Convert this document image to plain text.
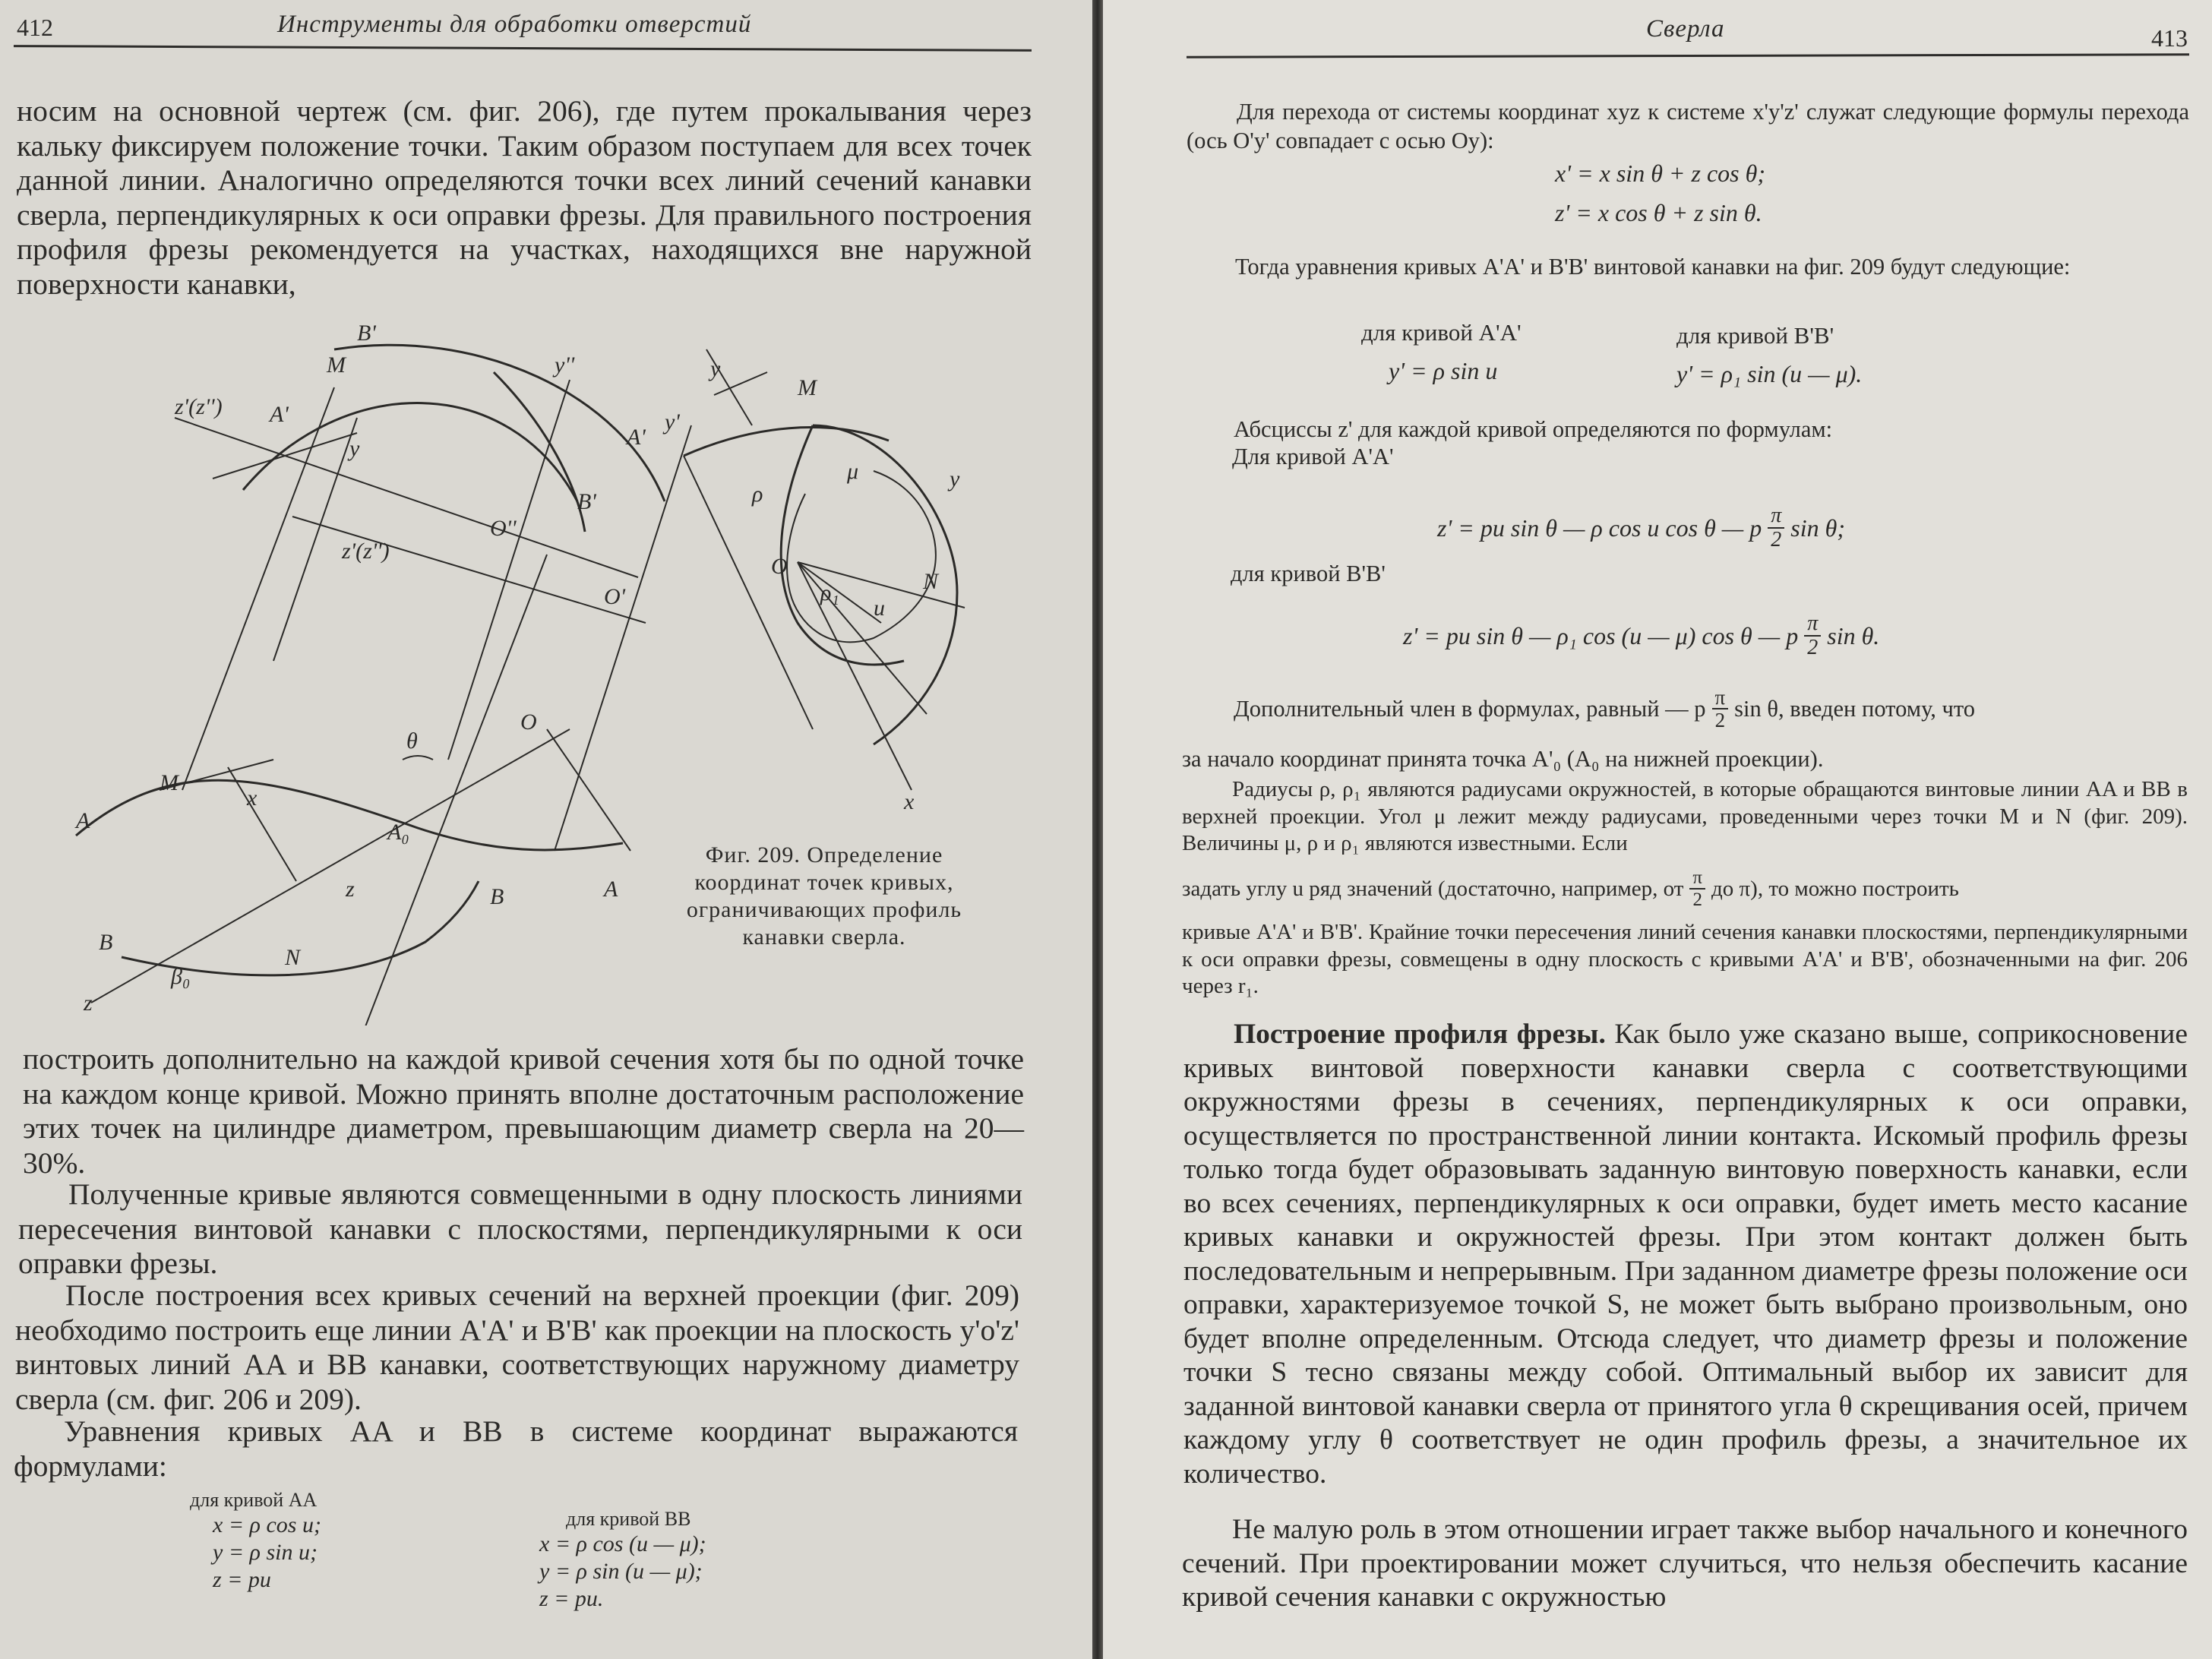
412	Инструменты для обработки отверстий

носим на основной чертеж (см. фиг. 206), где путем прокалывания через кальку фиксируем положение точки. Таким образом поступаем для всех точек данной линии. Аналогично определяются точки всех линий сечений канавки сверла, перпендикулярных к оси оправки фрезы. Для правильного построения профиля фрезы рекомендуется на участках, находящихся вне наружной поверхности канавки,

B'
M	y''
z'(z'') A'
y	A'
y'
B'
z'(z'')
O''
O'
O
θ
M
x
A	A₀
A
z	B
B
N
β₀
z
y
M
ρ
μ	y
O
ρ₁
u
N
x
Фиг. 209. Определение координат точек кривых, ограничивающих профиль канавки сверла.

построить дополнительно на каждой кривой сечения хотя бы по одной точке на каждом конце кривой. Можно принять вполне достаточным расположение этих точек на цилиндре диаметром, превышающим диаметр сверла на 20—30%.

Полученные кривые являются совмещенными в одну плоскость линиями пересечения винтовой канавки с плоскостями, перпендикулярными к оси оправки фрезы.

После построения всех кривых сечений на верхней проекции (фиг. 209) необходимо построить еще линии A'A' и B'B' как проекции на плоскость y'o'z' винтовых линий AA и BB канавки, соответствующих наружному диаметру сверла (см. фиг. 206 и 209).

Уравнения кривых AA и BB в системе координат выражаются формулами:

для кривой AA
x = ρ cos u;
y = ρ sin u;
z = pu
для кривой BB
x = ρ cos (u — μ);
y = ρ sin (u — μ);
z = pu.
Сверла	413

Для перехода от системы координат xyz к системе x'y'z' служат следующие формулы перехода (ось O'y' совпадает с осью Oy):

x' = x sin θ + z cos θ;
z' = x cos θ + z sin θ.

Тогда уравнения кривых A'A' и B'B' винтовой канавки на фиг. 209 будут следующие:

для кривой A'A'
y' = ρ sin u
для кривой B'B'
y' = ρ₁ sin (u — μ).

Абсциссы z' для каждой кривой определяются по формулам:

Для кривой A'A'

z' = pu sin θ — ρ cos u cos θ — p $\frac{\pi}{2}$ sin θ;

для кривой B'B'

z' = pu sin θ — ρ₁ cos (u — μ) cos θ — p $\frac{\pi}{2}$ sin θ.
Дополнительный член в формулах, равный — p $\frac{\pi}{2}$ sin θ, введен потому, что

за начало координат принята точка A'₀ (A₀ на нижней проекции).

Радиусы ρ, ρ₁ являются радиусами окружностей, в которые обращаются винтовые линии AA и BB в верхней проекции. Угол μ лежит между радиусами, проведенными через точки M и N (фиг. 209). Величины μ, ρ и ρ₁ являются известными. Если

задать углу u ряд значений (достаточно, например, от $\frac{\pi}{2}$ до π), то можно построить

кривые A'A' и B'B'. Крайние точки пересечения линий сечения канавки плоскостями, перпендикулярными к оси оправки фрезы, совмещены в одну плоскость с кривыми A'A' и B'B', обозначенными на фиг. 206 через r₁.

Построение профиля фрезы. Как было уже сказано выше, соприкосновение кривых винтовой поверхности канавки сверла с соответствующими окружностями фрезы в сечениях, перпендикулярных к оси оправки, осуществляется по пространственной линии контакта. Искомый профиль фрезы только тогда будет образовывать заданную винтовую поверхность канавки, если во всех сечениях, перпендикулярных к оси оправки, будет иметь место касание кривых канавки и окружностей фрезы. При этом контакт должен быть последовательным и непрерывным. При заданном диаметре фрезы положение оси оправки, характеризуемое точкой S, не может быть выбрано произвольным, оно будет вполне определенным. Отсюда следует, что диаметр фрезы и положение точки S тесно связаны между собой. Оптимальный выбор их зависит для заданной винтовой канавки сверла от принятого угла θ скрещивания осей, причем каждому углу θ соответствует не один профиль фрезы, а значительное их количество.

Не малую роль в этом отношении играет также выбор начального и конечного сечений. При проектировании может случиться, что нельзя обеспечить касание кривой сечения канавки с окружностью
